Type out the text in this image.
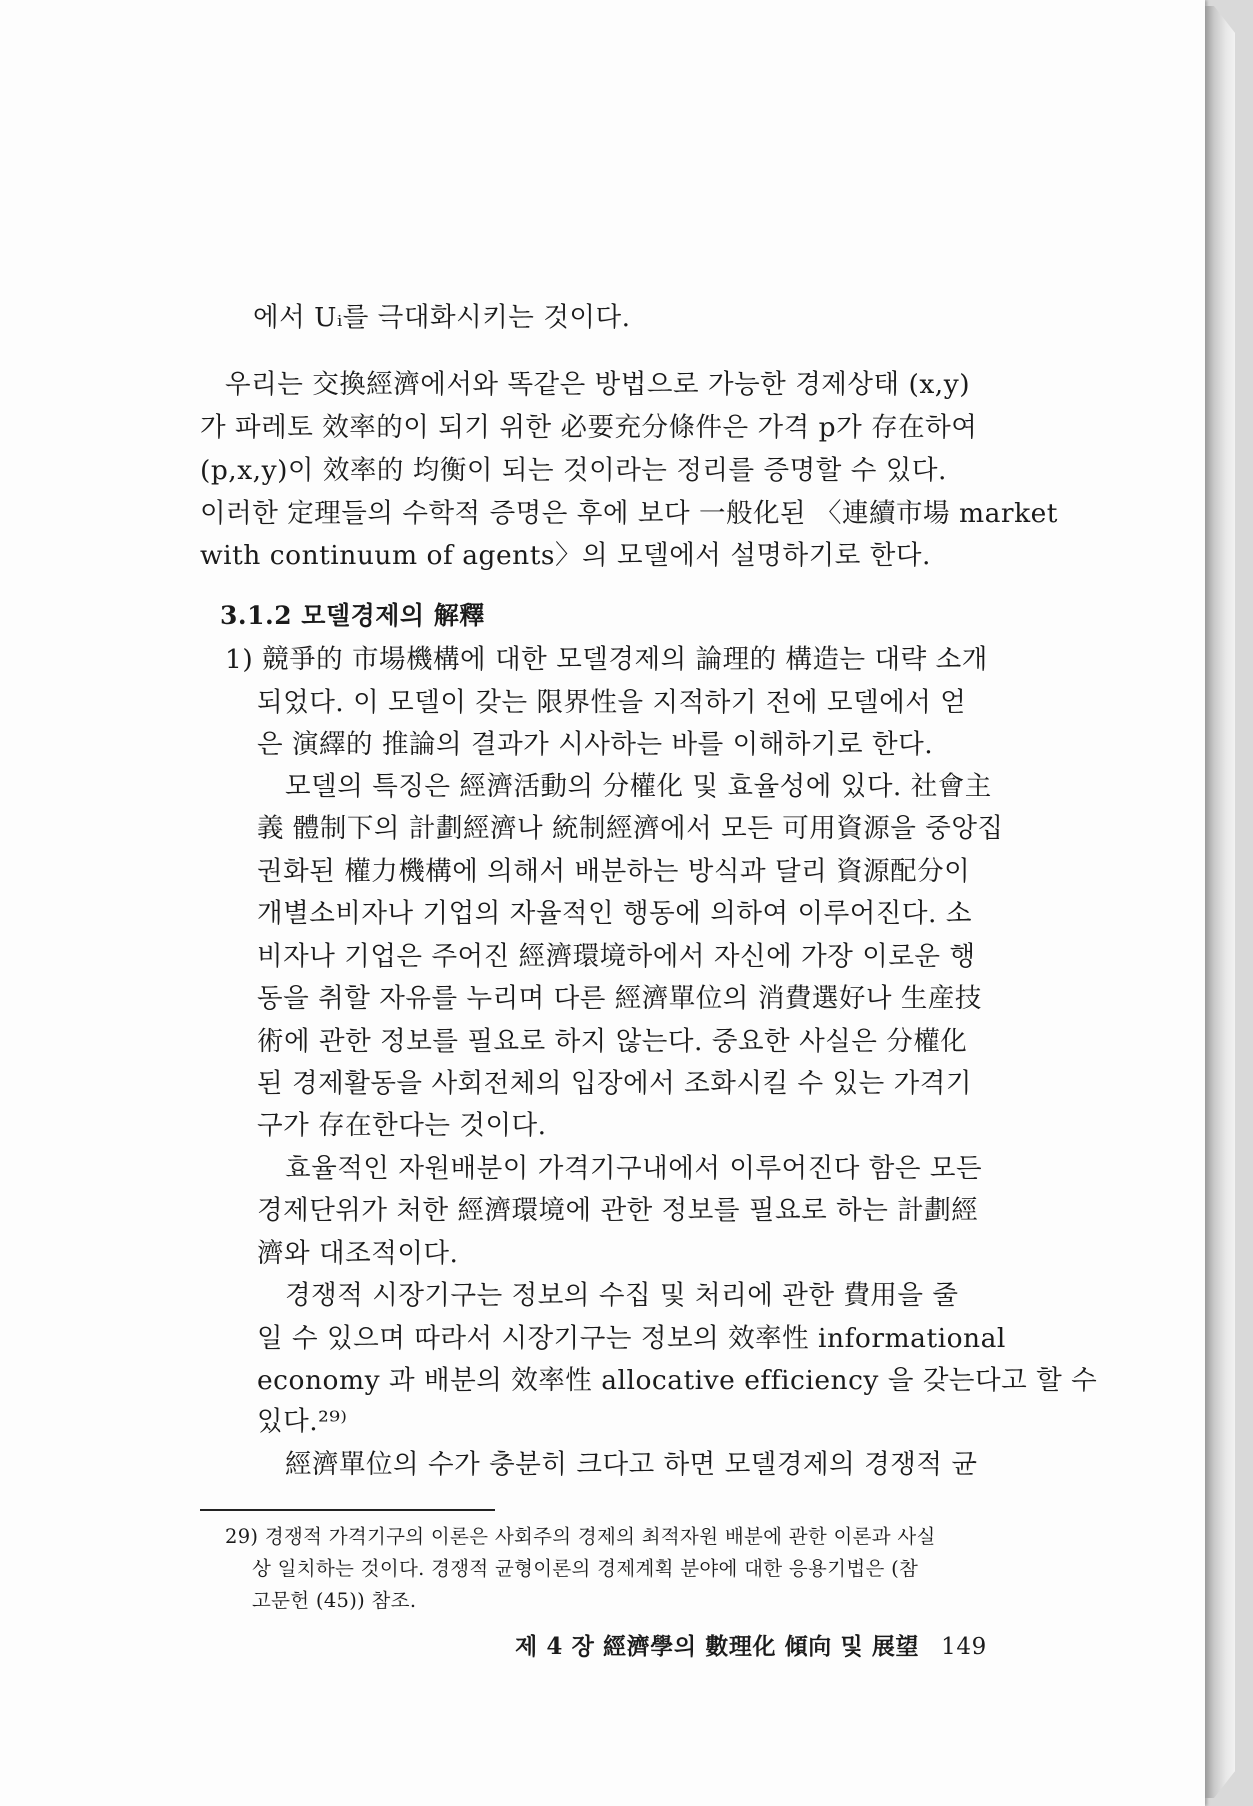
에서 Uᵢ를 극대화시키는 것이다.
우리는 交換經濟에서와 똑같은 방법으로 가능한 경제상태 (x,y)
가 파레토 效率的이 되기 위한 必要充分條件은 가격 p가 存在하여
(p,x,y)이 效率的 均衡이 되는 것이라는 정리를 증명할 수 있다.
이러한 定理들의 수학적 증명은 후에 보다 一般化된 〈連續市場 market
with continuum of agents〉의 모델에서 설명하기로 한다.
3.1.2 모델경제의 解釋
1) 競爭的 市場機構에 대한 모델경제의 論理的 構造는 대략 소개
되었다. 이 모델이 갖는 限界性을 지적하기 전에 모델에서 얻
은 演繹的 推論의 결과가 시사하는 바를 이해하기로 한다.
모델의 특징은 經濟活動의 分權化 및 효율성에 있다. 社會主
義 體制下의 計劃經濟나 統制經濟에서 모든 可用資源을 중앙집
권화된 權力機構에 의해서 배분하는 방식과 달리 資源配分이
개별소비자나 기업의 자율적인 행동에 의하여 이루어진다. 소
비자나 기업은 주어진 經濟環境하에서 자신에 가장 이로운 행
동을 취할 자유를 누리며 다른 經濟單位의 消費選好나 生産技
術에 관한 정보를 필요로 하지 않는다. 중요한 사실은 分權化
된 경제활동을 사회전체의 입장에서 조화시킬 수 있는 가격기
구가 存在한다는 것이다.
효율적인 자원배분이 가격기구내에서 이루어진다 함은 모든
경제단위가 처한 經濟環境에 관한 정보를 필요로 하는 計劃經
濟와 대조적이다.
경쟁적 시장기구는 정보의 수집 및 처리에 관한 費用을 줄
일 수 있으며 따라서 시장기구는 정보의 效率性 informational
economy 과 배분의 效率性 allocative efficiency 을 갖는다고 할 수
있다.²⁹⁾
經濟單位의 수가 충분히 크다고 하면 모델경제의 경쟁적 균
29) 경쟁적 가격기구의 이론은 사회주의 경제의 최적자원 배분에 관한 이론과 사실
상 일치하는 것이다. 경쟁적 균형이론의 경제계획 분야에 대한 응용기법은 (참
고문헌 (45)) 참조.
제 4 장 經濟學의 數理化 傾向 및 展望 149
